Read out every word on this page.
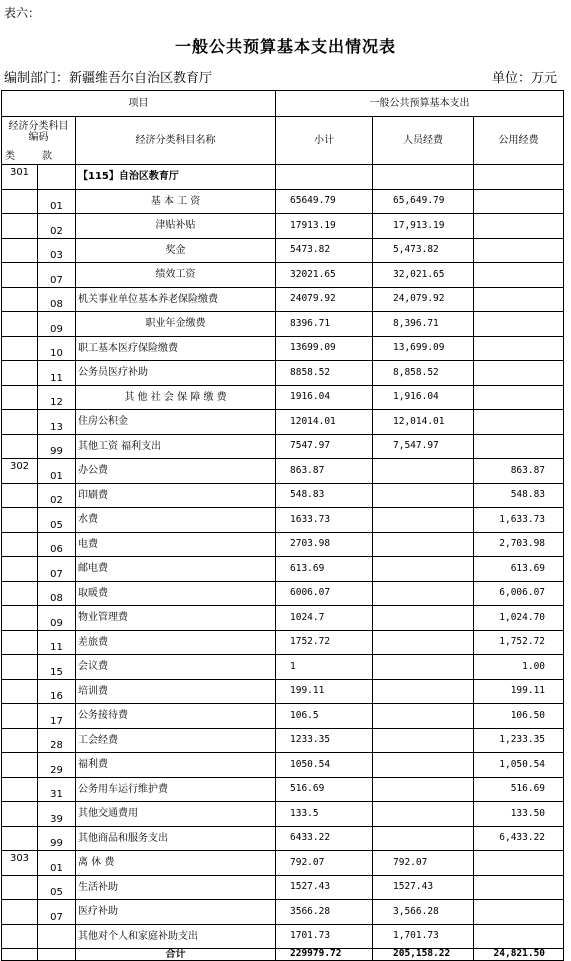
表六：
一般公共预算基本支出情况表
编制部门：新疆维吾尔自治区教育厅	单位：万元
项目			一般公共预算基本支出		

经济分类科目
编码
类 款		经济分类科目名称	小计	人员经费	公用经费
301		【115】自治区教育厅			
	01	基 本 工 资	65649.79	65,649.79	
	02	津贴补贴	17913.19	17,913.19	
	03	奖金	5473.82	5,473.82	
	07	绩效工资	32021.65	32,021.65	
	08	机关事业单位基本养老保险缴费	24079.92	24,079.92	
	09	职业年金缴费	8396.71	8,396.71	
	10	职工基本医疗保险缴费	13699.09	13,699.09	
	11	公务员医疗补助	8858.52	8,858.52	
	12	其 他 社 会 保 障 缴 费	1916.04	1,916.04	
	13	住房公积金	12014.01	12,014.01	
	99	其他工资 福利支出	7547.97	7,547.97	
302	01	办公费	863.87		863.87
	02	印刷费	548.83		548.83
	05	水费	1633.73		1,633.73
	06	电费	2703.98		2,703.98
	07	邮电费	613.69		613.69
	08	取暖费	6006.07		6,006.07
	09	物业管理费	1024.7		1,024.70
	11	差旅费	1752.72		1,752.72
	15	会议费	1		1.00
	16	培训费	199.11		199.11
	17	公务接待费	106.5		106.50
	28	工会经费	1233.35		1,233.35
	29	福利费	1050.54		1,050.54
	31	公务用车运行维护费	516.69		516.69
	39	其他交通费用	133.5		133.50
	99	其他商品和服务支出	6433.22		6,433.22
303	01	离 休 费	792.07	792.07	
	05	生活补助	1527.43	1527.43	
	07	医疗补助	3566.28	3,566.28	
		其他对个人和家庭补助支出	1701.73	1,701.73	
		合计	229979.72	205,158.22	24,821.50
